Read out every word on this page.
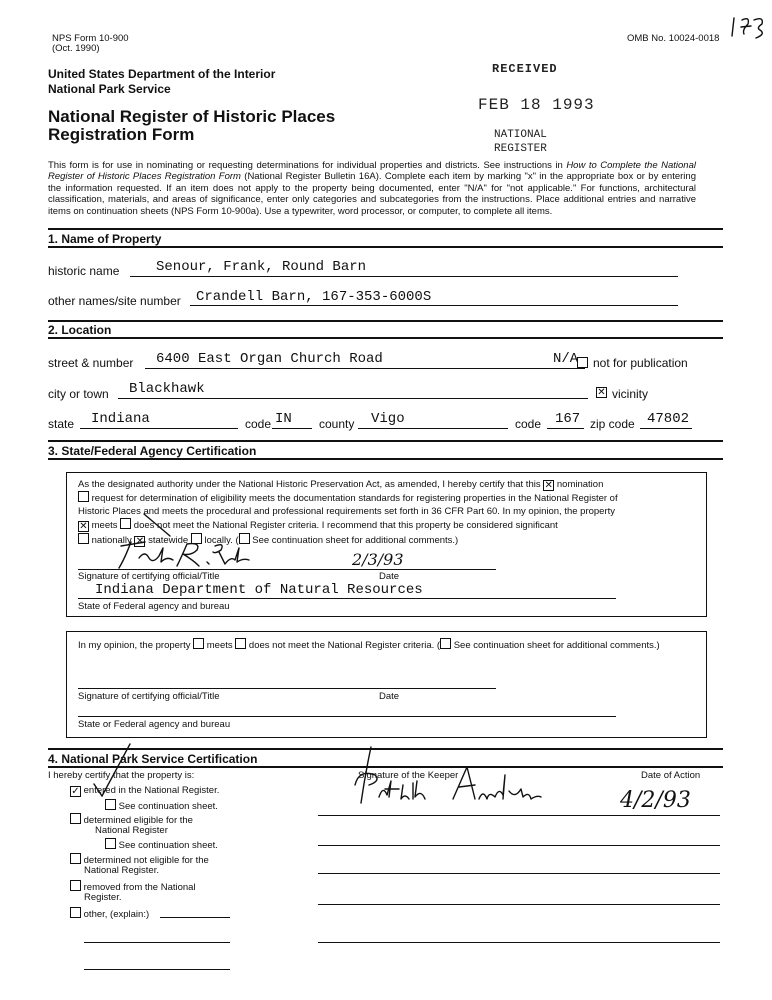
NPS Form 10-900
(Oct. 1990)
OMB No. 10024-0018
United States Department of the Interior
National Park Service
National Register of Historic Places
Registration Form
RECEIVED
FEB 18 1993
NATIONAL
REGISTER
This form is for use in nominating or requesting determinations for individual properties and districts. See instructions in How to Complete the National Register of Historic Places Registration Form (National Register Bulletin 16A). Complete each item by marking "x" in the appropriate box or by entering the information requested. If an item does not apply to the property being documented, enter "N/A" for "not applicable." For functions, architectural classification, materials, and areas of significance, enter only categories and subcategories from the instructions. Place additional entries and narrative items on continuation sheets (NPS Form 10-900a). Use a typewriter, word processor, or computer, to complete all items.
1. Name of Property
historic name	Senour, Frank, Round Barn
other names/site number Crandell Barn, 167-353-6000S
2. Location
street & number 6400 East Organ Church Road	N/A not for publication
city or town Blackhawk	✕ vicinity
state Indiana	code IN county Vigo	code 167 zip code 47802
3. State/Federal Agency Certification
As the designated authority under the National Historic Preservation Act, as amended, I hereby certify that this ✕ nomination
request for determination of eligibility meets the documentation standards for registering properties in the National Register of
Historic Places and meets the procedural and professional requirements set forth in 36 CFR Part 60. In my opinion, the property
✕ meets does not meet the National Register criteria. I recommend that this property be considered significant
nationally ✕ statewide locally. ( See continuation sheet for additional comments.)
Signature of certifying official/Title
2/3/93
Date
Indiana Department of Natural Resources
State of Federal agency and bureau
In my opinion, the property meets does not meet the National Register criteria. ( See continuation sheet for additional comments.)
Signature of certifying official/Title	Date
State or Federal agency and bureau
4. National Park Service Certification
I hereby certify that the property is:	Signature of the Keeper	Date of Action
4/2/93
✓ entered in the National Register.
See continuation sheet.
determined eligible for the
National Register
See continuation sheet.
determined not eligible for the
National Register.
removed from the National
Register.
other, (explain:)
